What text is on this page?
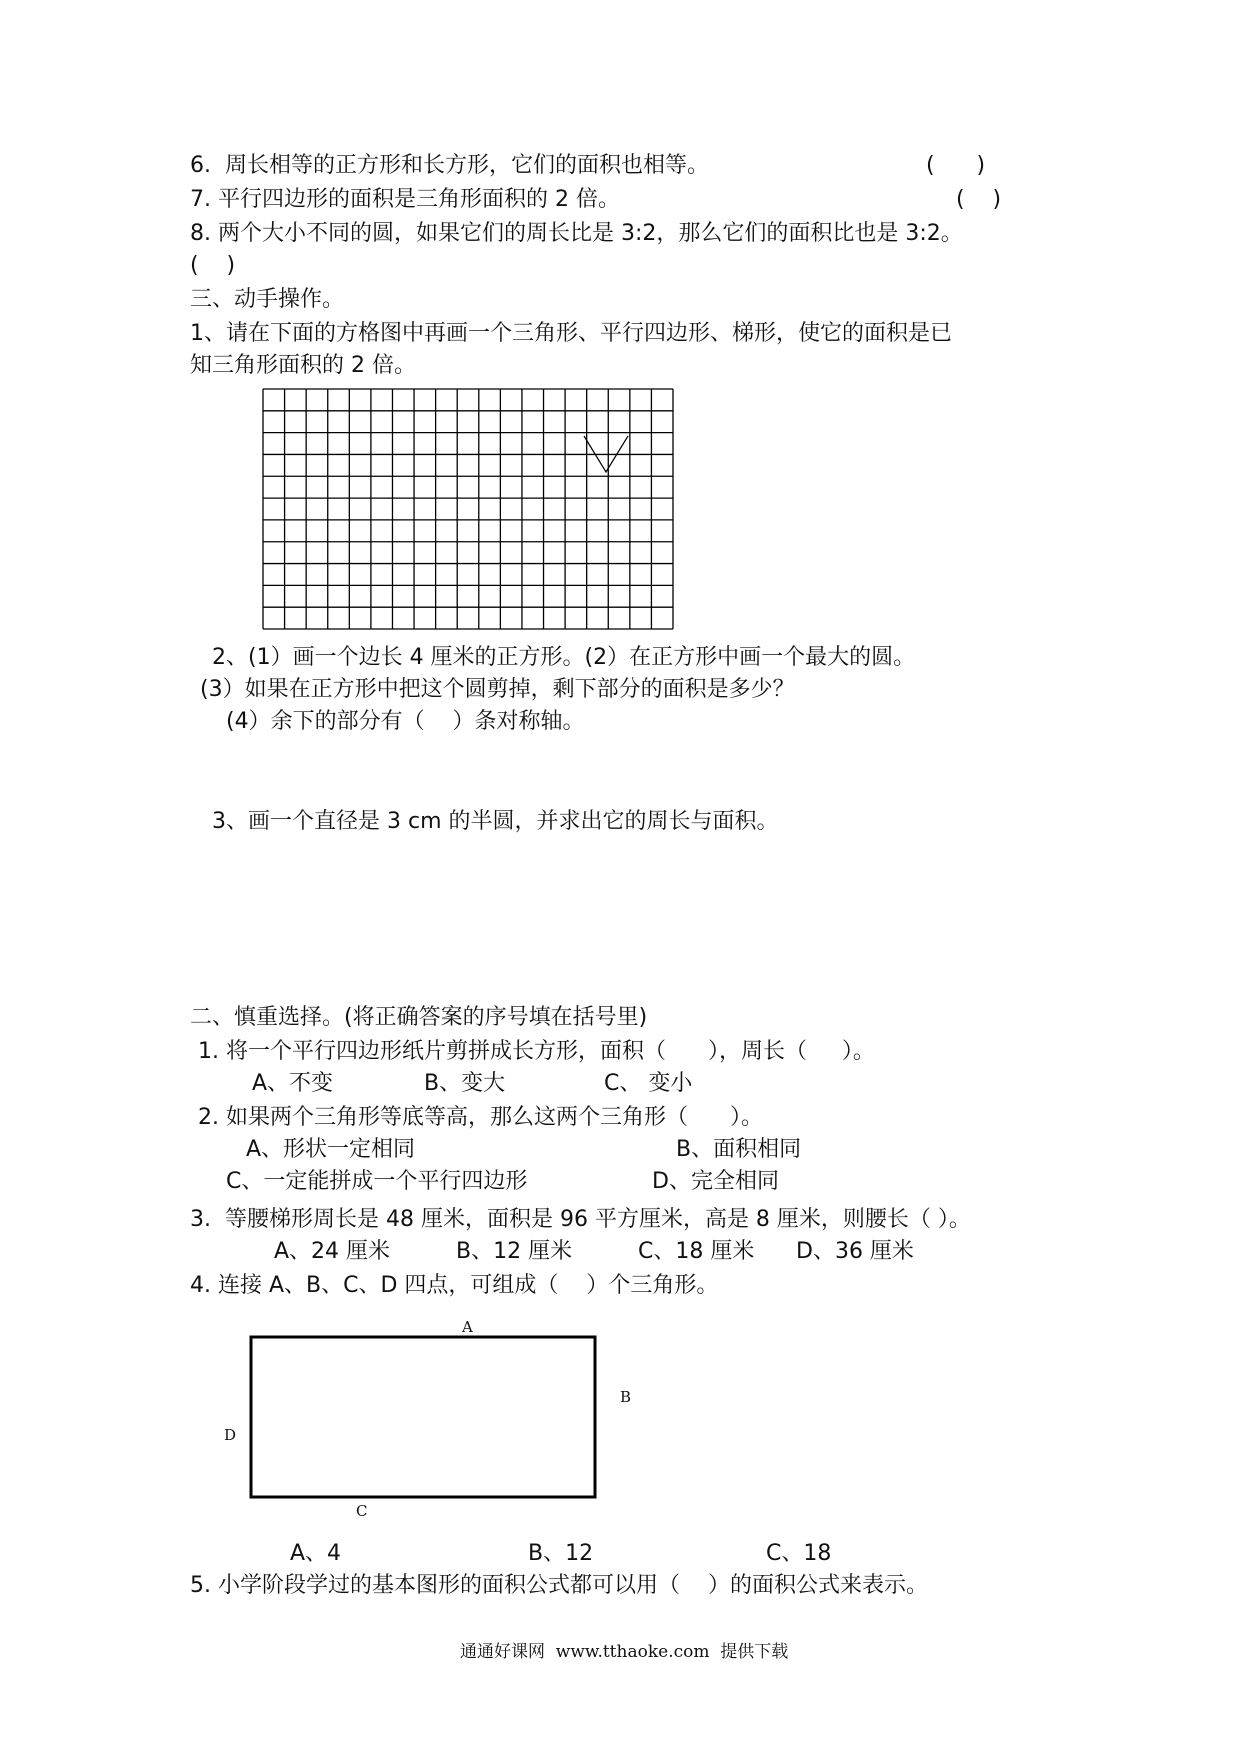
6.  周长相等的正方形和长方形，它们的面积也相等。	(      )
7. 平行四边形的面积是三角形面积的 2 倍。	(    )
8. 两个大小不同的圆，如果它们的周长比是 3:2，那么它们的面积比也是 3:2。
(    )
三、动手操作。
1、请在下面的方格图中再画一个三角形、平行四边形、梯形，使它的面积是已
知三角形面积的 2 倍。
2、(1）画一个边长 4 厘米的正方形。(2）在正方形中画一个最大的圆。
(3）如果在正方形中把这个圆剪掉，剩下部分的面积是多少？
(4）余下的部分有（    ）条对称轴。
3、画一个直径是 3 cm 的半圆，并求出它的周长与面积。
二、慎重选择。(将正确答案的序号填在括号里)
1. 将一个平行四边形纸片剪拼成长方形，面积（      ），周长（     ）。
A、不变	B、变大	C、 变小
2. 如果两个三角形等底等高，那么这两个三角形（      ）。
A、形状一定相同	B、面积相同
C、一定能拼成一个平行四边形	D、完全相同
3.  等腰梯形周长是 48 厘米，面积是 96 平方厘米，高是 8 厘米，则腰长（ ）。
A、24 厘米	B、12 厘米	C、18 厘米 D、36 厘米
4. 连接 A、B、C、D 四点，可组成（    ）个三角形。
A
B
C
D
A、4	B、12	C、18
5. 小学阶段学过的基本图形的面积公式都可以用（    ）的面积公式来表示。
通通好课网  www.tthaoke.com  提供下载
